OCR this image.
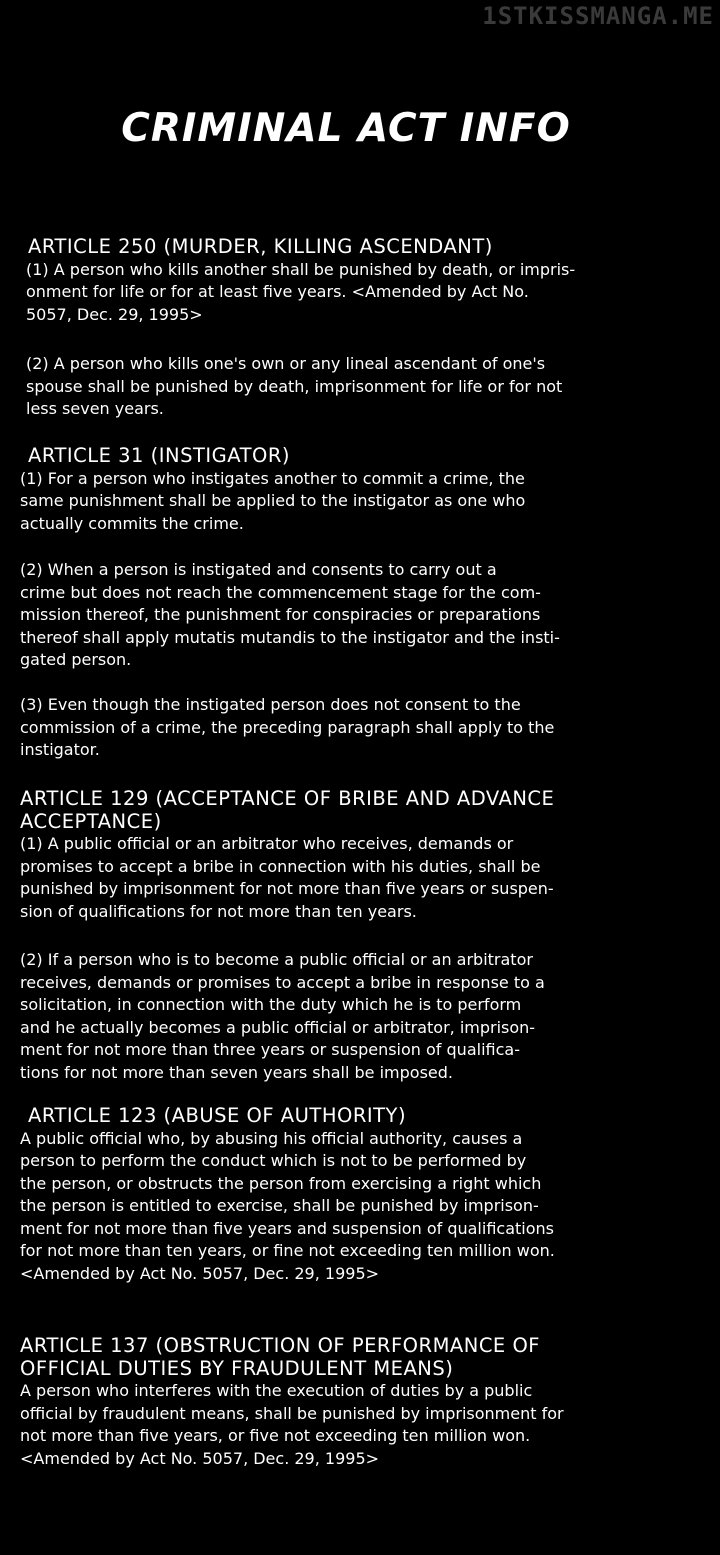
1STKISSMANGA.ME
CRIMINAL ACT INFO

ARTICLE 250 (MURDER, KILLING ASCENDANT)

(1) A person who kills another shall be punished by death, or impris-
onment for life or for at least five years. <Amended by Act No.
5057, Dec. 29, 1995>

(2) A person who kills one's own or any lineal ascendant of one's
spouse shall be punished by death, imprisonment for life or for not
less seven years.

ARTICLE 31 (INSTIGATOR)

(1) For a person who instigates another to commit a crime, the
same punishment shall be applied to the instigator as one who
actually commits the crime.

(2) When a person is instigated and consents to carry out a
crime but does not reach the commencement stage for the com-
mission thereof, the punishment for conspiracies or preparations
thereof shall apply mutatis mutandis to the instigator and the insti-
gated person.

(3) Even though the instigated person does not consent to the
commission of a crime, the preceding paragraph shall apply to the
instigator.

ARTICLE 129 (ACCEPTANCE OF BRIBE AND ADVANCE
ACCEPTANCE)

(1) A public official or an arbitrator who receives, demands or
promises to accept a bribe in connection with his duties, shall be
punished by imprisonment for not more than five years or suspen-
sion of qualifications for not more than ten years.

(2) If a person who is to become a public official or an arbitrator
receives, demands or promises to accept a bribe in response to a
solicitation, in connection with the duty which he is to perform
and he actually becomes a public official or arbitrator, imprison-
ment for not more than three years or suspension of qualifica-
tions for not more than seven years shall be imposed.

ARTICLE 123 (ABUSE OF AUTHORITY)

A public official who, by abusing his official authority, causes a
person to perform the conduct which is not to be performed by
the person, or obstructs the person from exercising a right which
the person is entitled to exercise, shall be punished by imprison-
ment for not more than five years and suspension of qualifications
for not more than ten years, or fine not exceeding ten million won.
<Amended by Act No. 5057, Dec. 29, 1995>

ARTICLE 137 (OBSTRUCTION OF PERFORMANCE OF
OFFICIAL DUTIES BY FRAUDULENT MEANS)

A person who interferes with the execution of duties by a public
official by fraudulent means, shall be punished by imprisonment for
not more than five years, or five not exceeding ten million won.
<Amended by Act No. 5057, Dec. 29, 1995>
